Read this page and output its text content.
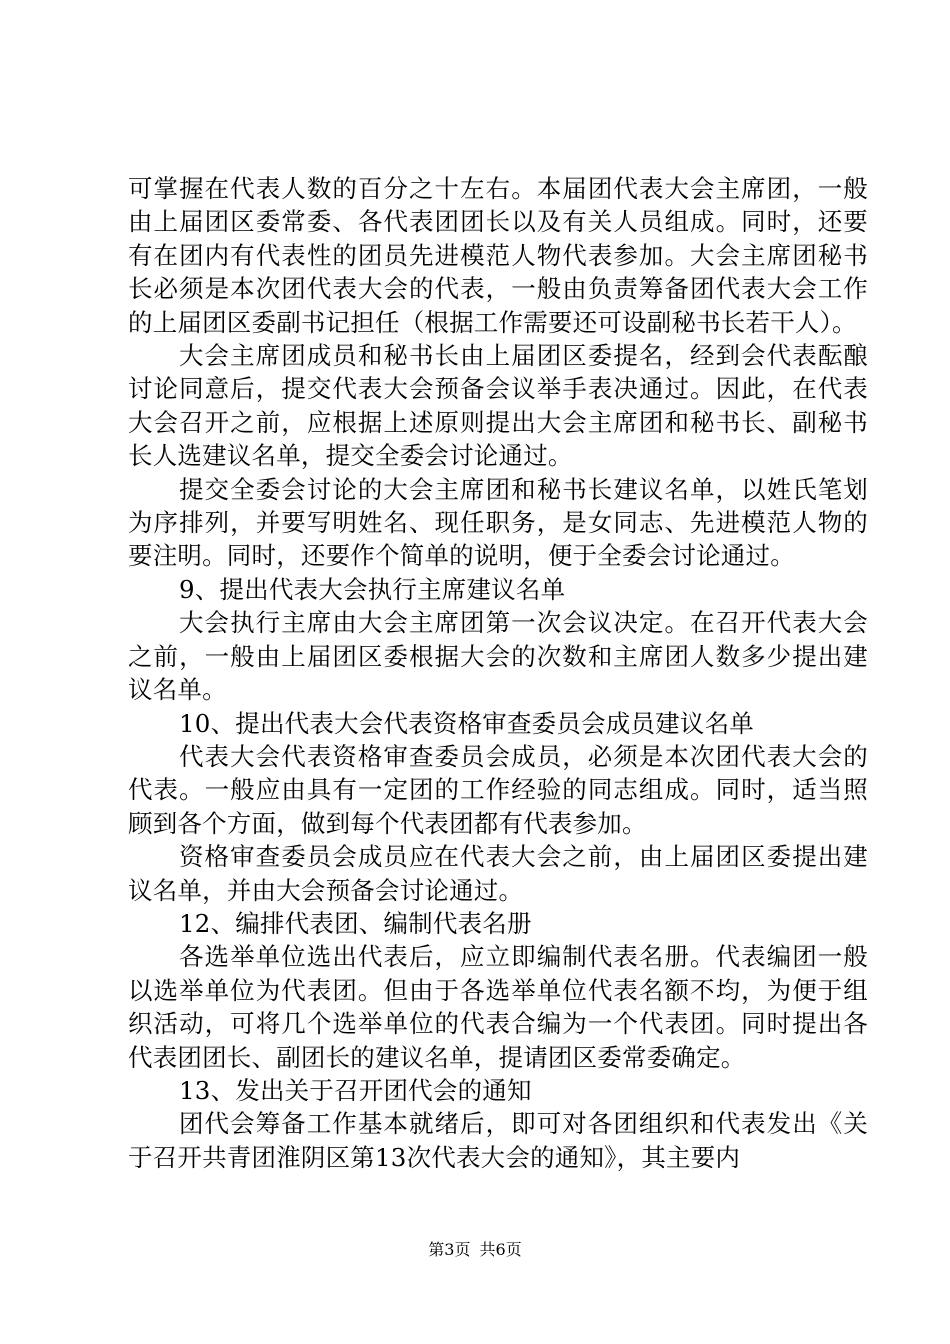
可掌握在代表人数的百分之十左右。本届团代表大会主席团，一般由上届团区委常委、各代表团团长以及有关人员组成。同时，还要有在团内有代表性的团员先进模范人物代表参加。大会主席团秘书长必须是本次团代表大会的代表，一般由负责筹备团代表大会工作的上届团区委副书记担任（根据工作需要还可设副秘书长若干人）。

大会主席团成员和秘书长由上届团区委提名，经到会代表酝酿讨论同意后，提交代表大会预备会议举手表决通过。因此，在代表大会召开之前，应根据上述原则提出大会主席团和秘书长、副秘书长人选建议名单，提交全委会讨论通过。

提交全委会讨论的大会主席团和秘书长建议名单，以姓氏笔划为序排列，并要写明姓名、现任职务，是女同志、先进模范人物的要注明。同时，还要作个简单的说明，便于全委会讨论通过。

9、提出代表大会执行主席建议名单

大会执行主席由大会主席团第一次会议决定。在召开代表大会之前，一般由上届团区委根据大会的次数和主席团人数多少提出建议名单。

10、提出代表大会代表资格审查委员会成员建议名单

代表大会代表资格审查委员会成员，必须是本次团代表大会的代表。一般应由具有一定团的工作经验的同志组成。同时，适当照顾到各个方面，做到每个代表团都有代表参加。

资格审查委员会成员应在代表大会之前，由上届团区委提出建议名单，并由大会预备会讨论通过。

12、编排代表团、编制代表名册

各选举单位选出代表后，应立即编制代表名册。代表编团一般以选举单位为代表团。但由于各选举单位代表名额不均，为便于组织活动，可将几个选举单位的代表合编为一个代表团。同时提出各代表团团长、副团长的建议名单，提请团区委常委确定。

13、发出关于召开团代会的通知

团代会筹备工作基本就绪后，即可对各团组织和代表发出《关于召开共青团淮阴区第13次代表大会的通知》，其主要内

第3页 共6页
